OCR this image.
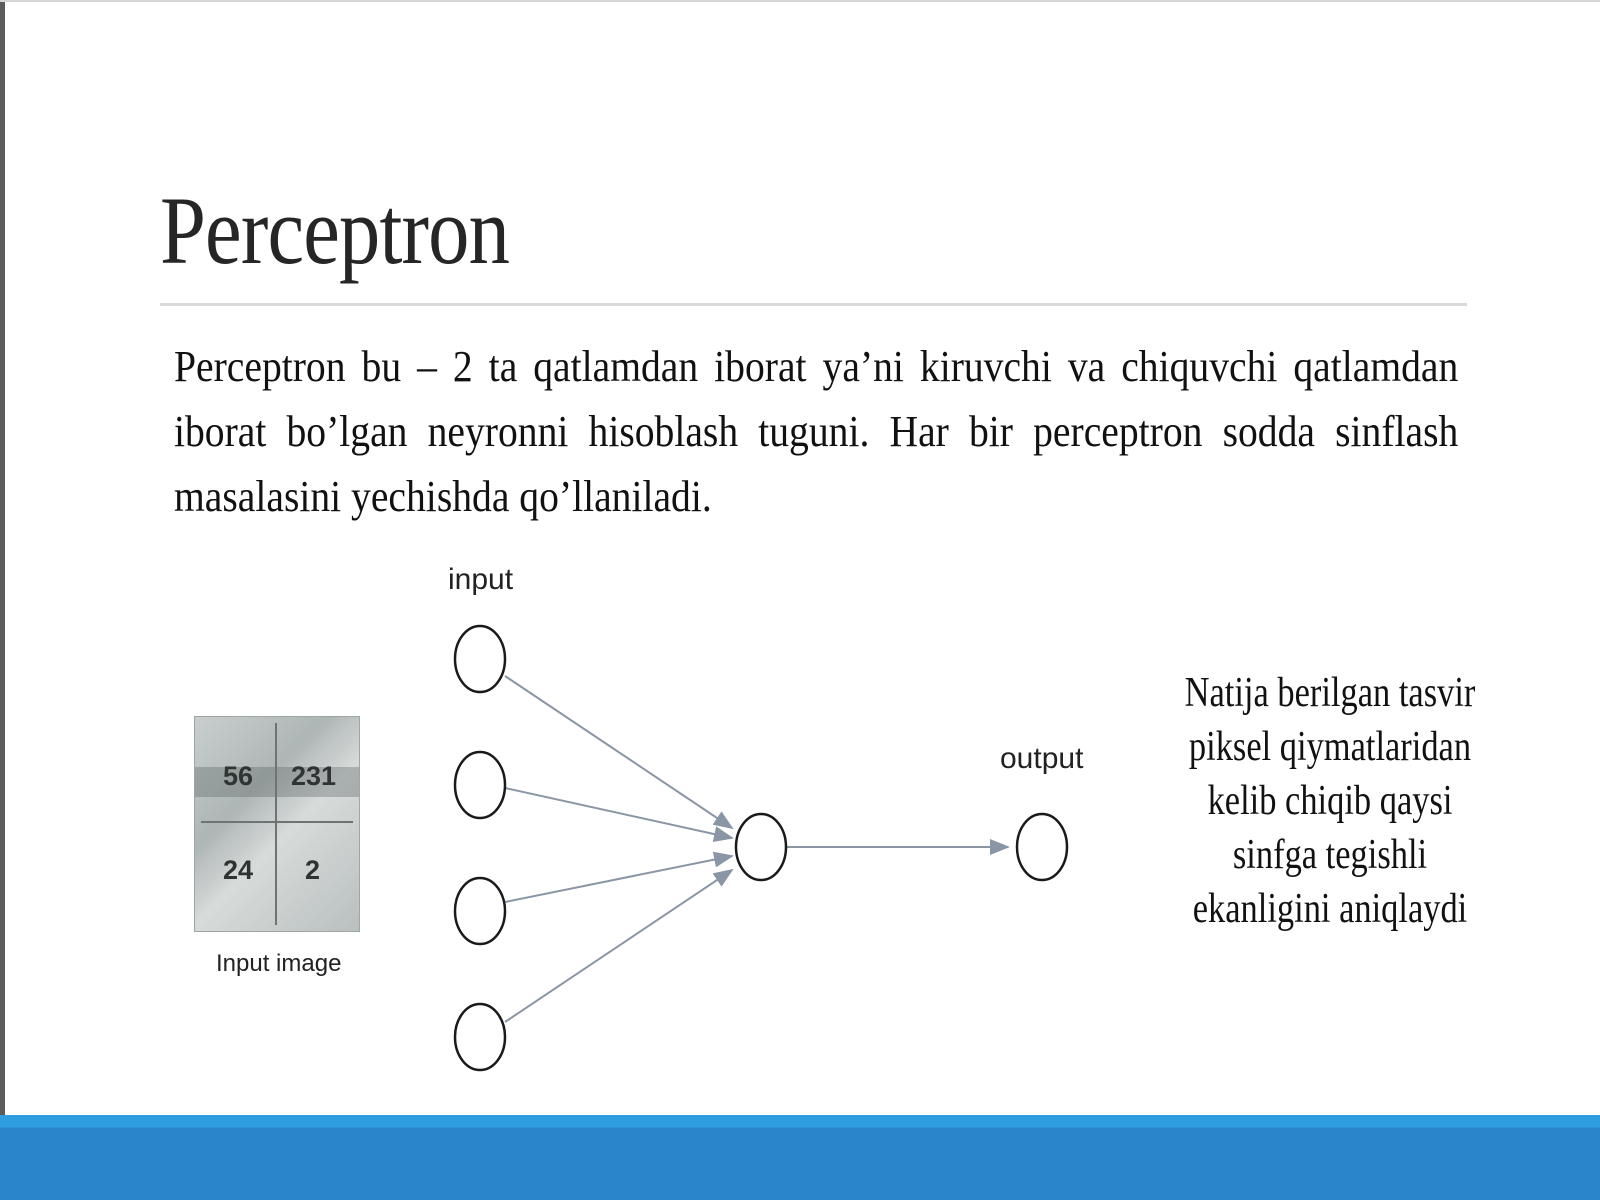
Perceptron
Perceptron bu – 2 ta qatlamdan iborat ya’ni kiruvchi va chiquvchi qatlamdan iborat bo’lgan neyronni hisoblash tuguni. Har bir perceptron sodda sinflash masalasini yechishda qo’llaniladi.
56 231
24 2
Input image
input
output
Natija berilgan tasvir piksel qiymatlaridan kelib chiqib qaysi sinfga tegishli ekanligini aniqlaydi
